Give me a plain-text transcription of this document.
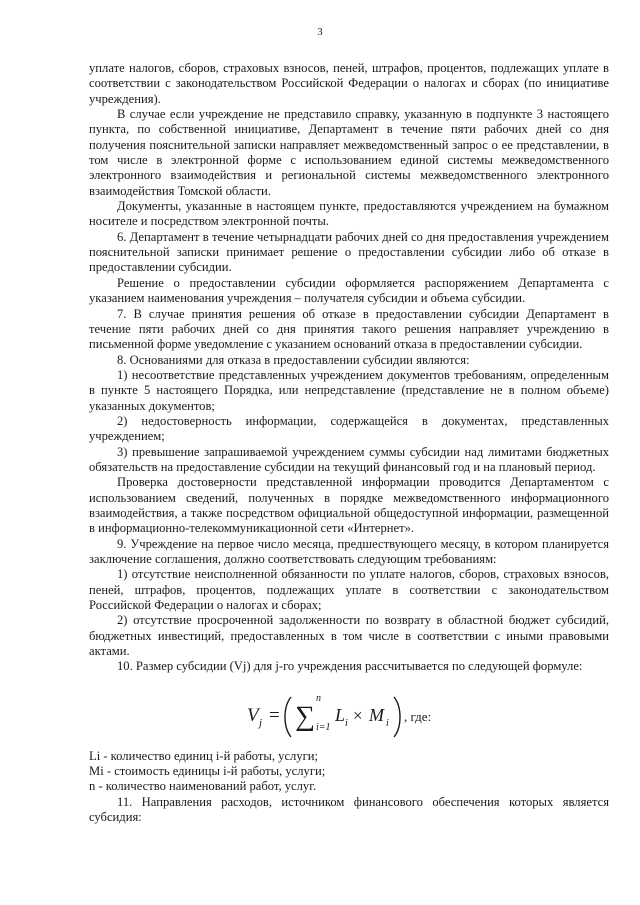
3

уплате налогов, сборов, страховых взносов, пеней, штрафов, процентов, подлежащих уплате в соответствии с законодательством Российской Федерации о налогах и сборах (по инициативе учреждения).

В случае если учреждение не представило справку, указанную в подпункте 3 настоящего пункта, по собственной инициативе, Департамент в течение пяти рабочих дней со дня получения пояснительной записки направляет межведомственный запрос о ее представлении, в том числе в электронной форме с использованием единой системы межведомственного электронного взаимодействия и региональной системы межведомственного электронного взаимодействия Томской области.

Документы, указанные в настоящем пункте, предоставляются учреждением на бумажном носителе и посредством электронной почты.

6. Департамент в течение четырнадцати рабочих дней со дня предоставления учреждением пояснительной записки принимает решение о предоставлении субсидии либо об отказе в предоставлении субсидии.

Решение о предоставлении субсидии оформляется распоряжением Департамента с указанием наименования учреждения – получателя субсидии и объема субсидии.

7. В случае принятия решения об отказе в предоставлении субсидии Департамент в течение пяти рабочих дней со дня принятия такого решения направляет учреждению в письменной форме уведомление с указанием оснований отказа в предоставлении субсидии.

8. Основаниями для отказа в предоставлении субсидии являются:

1) несоответствие представленных учреждением документов требованиям, определенным в пункте 5 настоящего Порядка, или непредставление (представление не в полном объеме) указанных документов;

2) недостоверность информации, содержащейся в документах, представленных учреждением;

3) превышение запрашиваемой учреждением суммы субсидии над лимитами бюджетных обязательств на предоставление субсидии на текущий финансовый год и на плановый период.

Проверка достоверности представленной информации проводится Департаментом с использованием сведений, полученных в порядке межведомственного информационного взаимодействия, а также посредством официальной общедоступной информации, размещенной в информационно-телекоммуникационной сети «Интернет».

9. Учреждение на первое число месяца, предшествующего месяцу, в котором планируется заключение соглашения, должно соответствовать следующим требованиям:

1) отсутствие неисполненной обязанности по уплате налогов, сборов, страховых взносов, пеней, штрафов, процентов, подлежащих уплате в соответствии с законодательством Российской Федерации о налогах и сборах;

2) отсутствие просроченной задолженности по возврату в областной бюджет субсидий, бюджетных инвестиций, предоставленных в том числе в соответствии с иными правовыми актами.

10. Размер субсидии (Vj) для j-го учреждения рассчитывается по следующей формуле:

V j = ∑
n
i=1
L i × M i , где:

Li - количество единиц i-й работы, услуги;

Mi - стоимость единицы i-й работы, услуги;

n - количество наименований работ, услуг.

11. Направления расходов, источником финансового обеспечения которых является субсидия:
